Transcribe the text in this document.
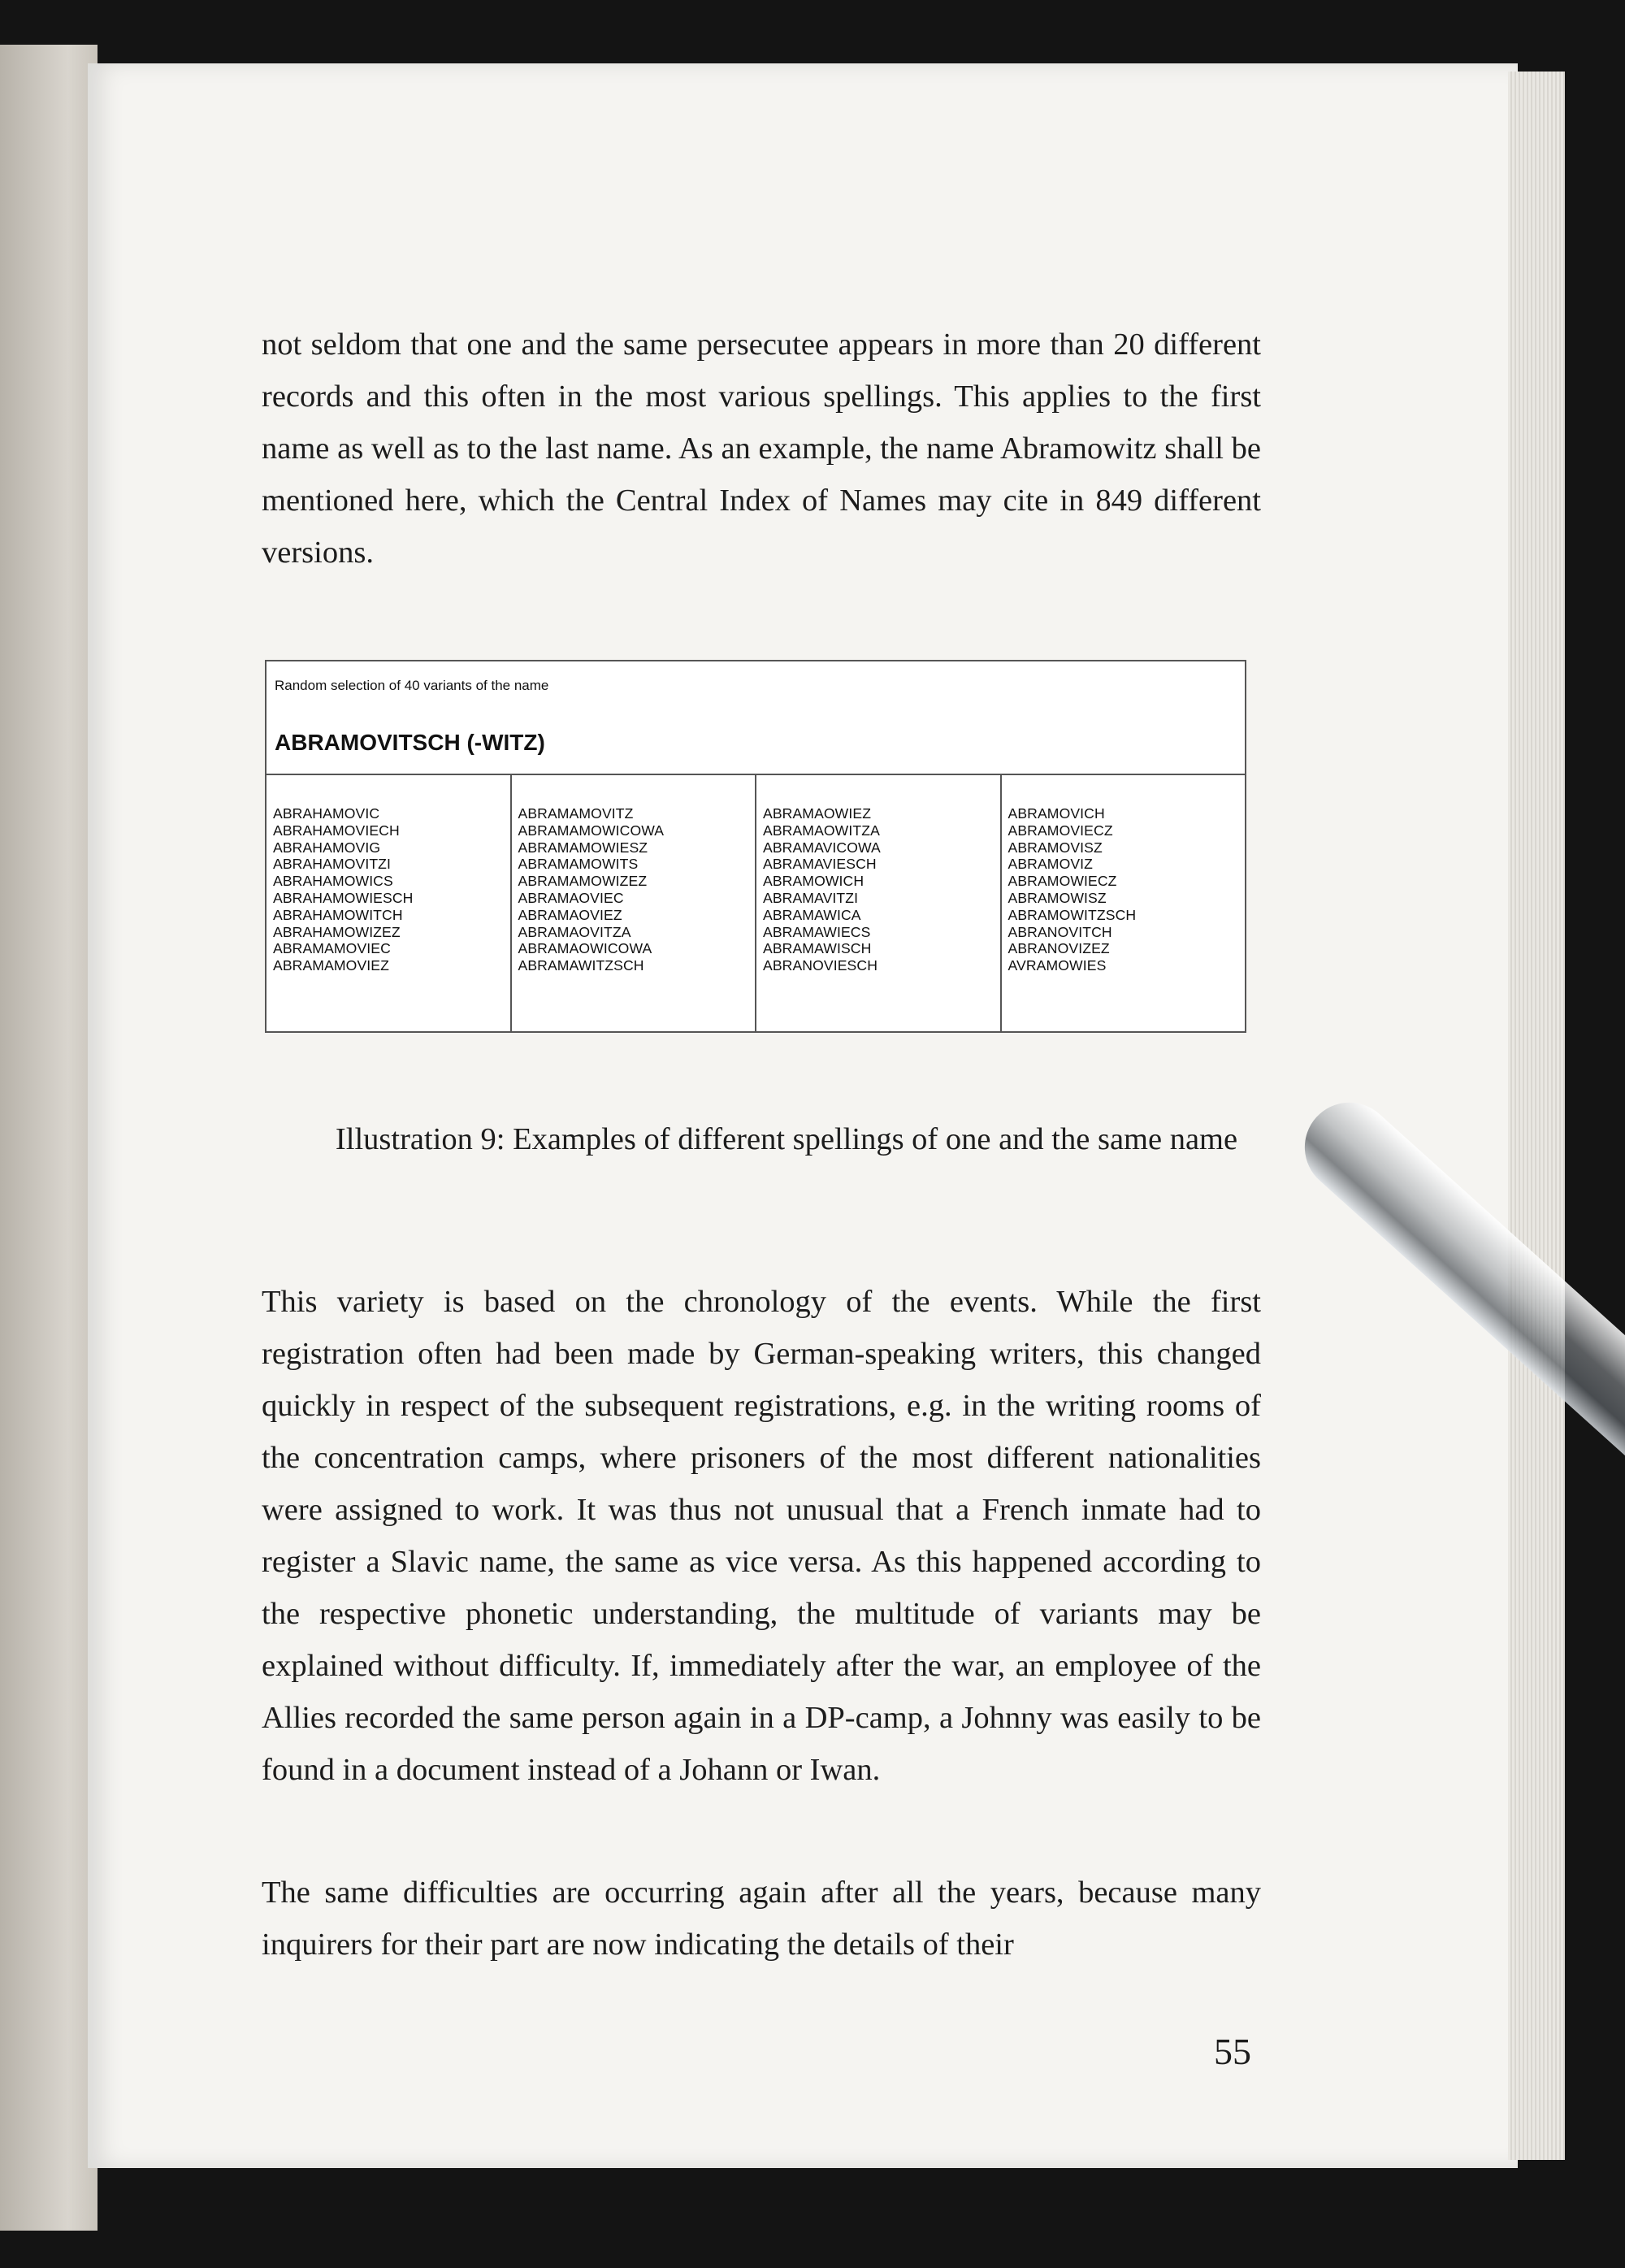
not seldom that one and the same persecutee appears in more than 20 different records and this often in the most various spellings. This applies to the first name as well as to the last name. As an example, the name Abramowitz shall be mentioned here, which the Central Index of Names may cite in 849 different versions.

Random selection of 40 variants of the name
ABRAMOVITSCH (-WITZ)
ABRAHAMOVIC
ABRAHAMOVIECH
ABRAHAMOVIG
ABRAHAMOVITZI
ABRAHAMOWICS
ABRAHAMOWIESCH
ABRAHAMOWITCH
ABRAHAMOWIZEZ
ABRAMAMOVIEC
ABRAMAMOVIEZ
ABRAMAMOVITZ
ABRAMAMOWICOWA
ABRAMAMOWIESZ
ABRAMAMOWITS
ABRAMAMOWIZEZ
ABRAMAOVIEC
ABRAMAOVIEZ
ABRAMAOVITZA
ABRAMAOWICOWA
ABRAMAWITZSCH
ABRAMAOWIEZ
ABRAMAOWITZA
ABRAMAVICOWA
ABRAMAVIESCH
ABRAMOWICH
ABRAMAVITZI
ABRAMAWICA
ABRAMAWIECS
ABRAMAWISCH
ABRANOVIESCH
ABRAMOVICH
ABRAMOVIECZ
ABRAMOVISZ
ABRAMOVIZ
ABRAMOWIECZ
ABRAMOWISZ
ABRAMOWITZSCH
ABRANOVITCH
ABRANOVIZEZ
AVRAMOWIES
Illustration 9: Examples of different spellings of one and the same name

This variety is based on the chronology of the events. While the first registration often had been made by German-speaking writers, this changed quickly in respect of the subsequent registrations, e.g. in the writing rooms of the concentration camps, where prisoners of the most different nationalities were assigned to work. It was thus not unusual that a French inmate had to register a Slavic name, the same as vice versa. As this happened according to the respective phonetic understanding, the multitude of variants may be explained without difficulty. If, immediately after the war, an employee of the Allies recorded the same person again in a DP-camp, a Johnny was easily to be found in a document instead of a Johann or Iwan.

The same difficulties are occurring again after all the years, because many inquirers for their part are now indicating the details of their

55
